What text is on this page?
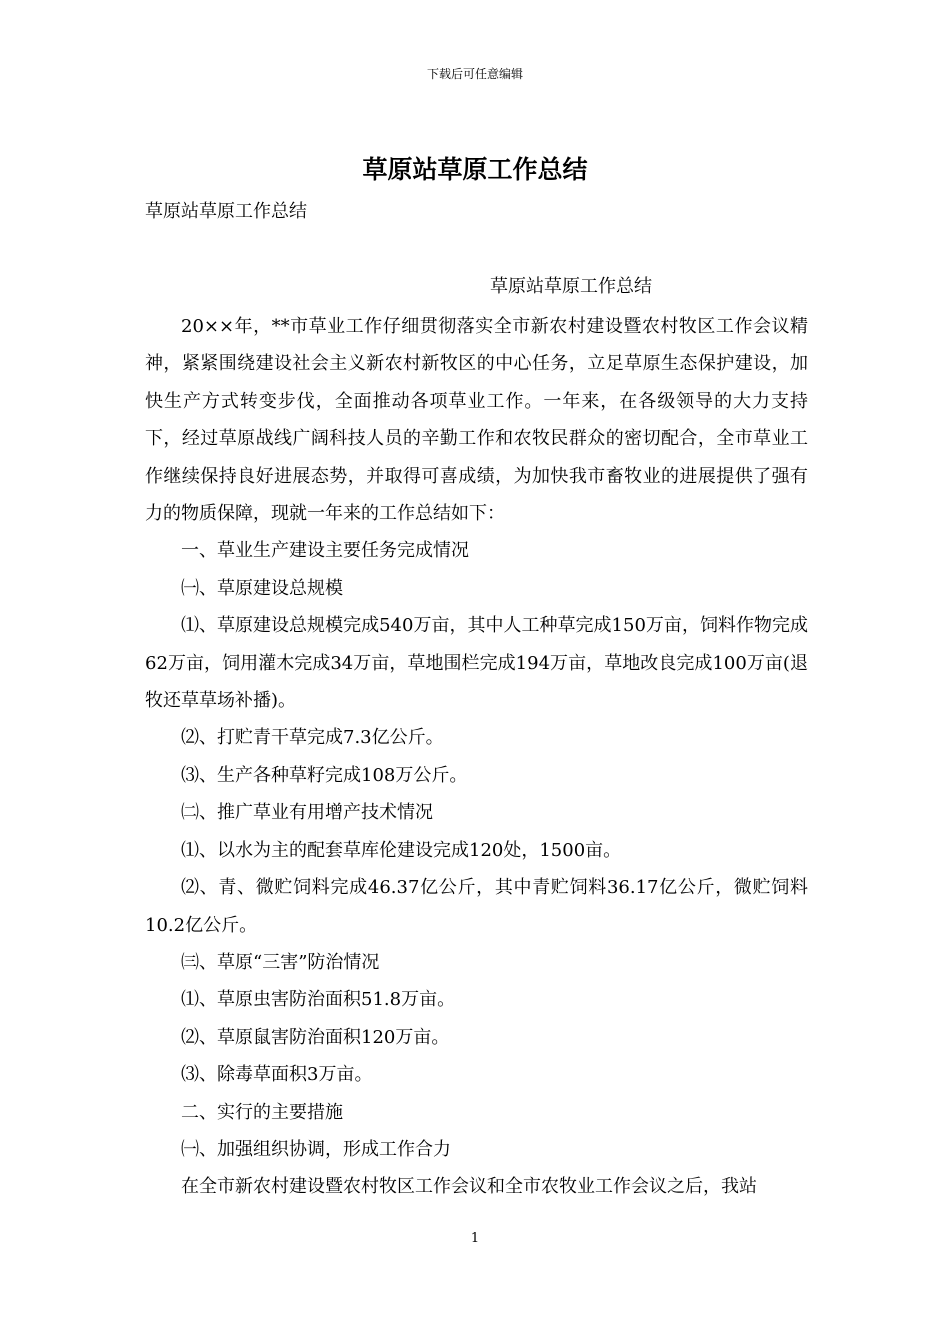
下载后可任意编辑
草原站草原工作总结
草原站草原工作总结
草原站草原工作总结

20××年，**市草业工作仔细贯彻落实全市新农村建设暨农村牧区工作会议精神，紧紧围绕建设社会主义新农村新牧区的中心任务，立足草原生态保护建设，加快生产方式转变步伐，全面推动各项草业工作。一年来，在各级领导的大力支持下，经过草原战线广阔科技人员的辛勤工作和农牧民群众的密切配合，全市草业工作继续保持良好进展态势，并取得可喜成绩，为加快我市畜牧业的进展提供了强有力的物质保障，现就一年来的工作总结如下：

一、草业生产建设主要任务完成情况

㈠、草原建设总规模

⑴、草原建设总规模完成540万亩，其中人工种草完成150万亩，饲料作物完成62万亩，饲用灌木完成34万亩，草地围栏完成194万亩，草地改良完成100万亩(退牧还草草场补播)。

⑵、打贮青干草完成7.3亿公斤。

⑶、生产各种草籽完成108万公斤。

㈡、推广草业有用增产技术情况

⑴、以水为主的配套草库伦建设完成120处，1500亩。

⑵、青、微贮饲料完成46.37亿公斤，其中青贮饲料36.17亿公斤，微贮饲料10.2亿公斤。

㈢、草原“三害”防治情况

⑴、草原虫害防治面积51.8万亩。

⑵、草原鼠害防治面积120万亩。

⑶、除毒草面积3万亩。

二、实行的主要措施

㈠、加强组织协调，形成工作合力

在全市新农村建设暨农村牧区工作会议和全市农牧业工作会议之后，我站

1
